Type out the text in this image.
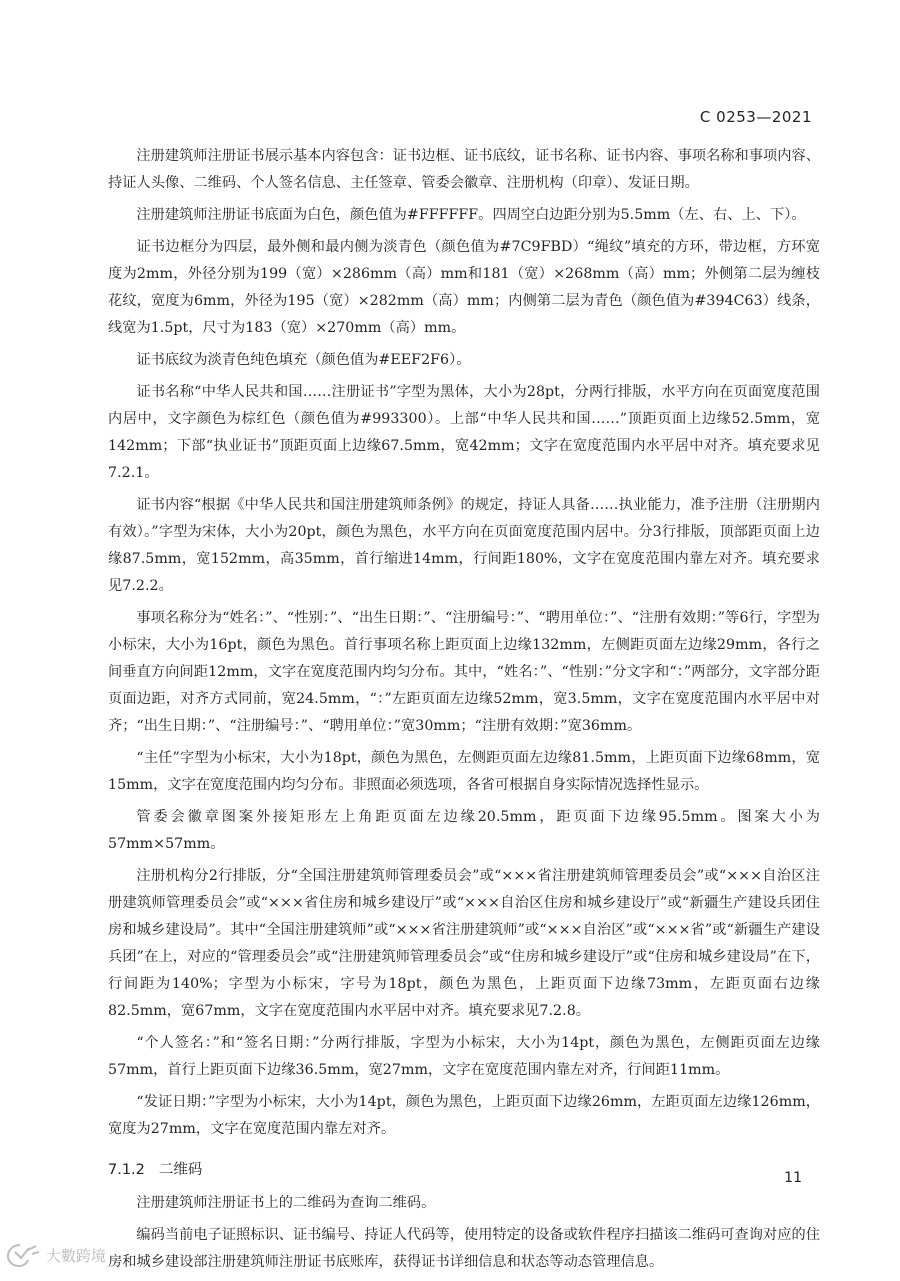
C 0253—2021

注册建筑师注册证书展示基本内容包含：证书边框、证书底纹，证书名称、证书内容、事项名称和事项内容、持证人头像、二维码、个人签名信息、主任签章、管委会徽章、注册机构（印章）、发证日期。

注册建筑师注册证书底面为白色，颜色值为#FFFFFF。四周空白边距分别为5.5mm（左、右、上、下）。

证书边框分为四层，最外侧和最内侧为淡青色（颜色值为#7C9FBD）“绳纹”填充的方环，带边框，方环宽度为2mm，外径分别为199（宽）×286mm（高）mm和181（宽）×268mm（高）mm；外侧第二层为缠枝花纹，宽度为6mm，外径为195（宽）×282mm（高）mm；内侧第二层为青色（颜色值为#394C63）线条，线宽为1.5pt，尺寸为183（宽）×270mm（高）mm。

证书底纹为淡青色纯色填充（颜色值为#EEF2F6）。

证书名称“中华人民共和国……注册证书”字型为黑体，大小为28pt，分两行排版，水平方向在页面宽度范围内居中，文字颜色为棕红色（颜色值为#993300）。上部“中华人民共和国……”顶距页面上边缘52.5mm，宽142mm；下部“执业证书”顶距页面上边缘67.5mm，宽42mm；文字在宽度范围内水平居中对齐。填充要求见7.2.1。

证书内容“根据《中华人民共和国注册建筑师条例》的规定，持证人具备……执业能力，准予注册（注册期内有效）。”字型为宋体，大小为20pt，颜色为黑色，水平方向在页面宽度范围内居中。分3行排版，顶部距页面上边缘87.5mm，宽152mm，高35mm，首行缩进14mm，行间距180%，文字在宽度范围内靠左对齐。填充要求见7.2.2。

事项名称分为“姓名：”、“性别：”、“出生日期：”、“注册编号：”、“聘用单位：”、“注册有效期：”等6行，字型为小标宋，大小为16pt，颜色为黑色。首行事项名称上距页面上边缘132mm，左侧距页面左边缘29mm，各行之间垂直方向间距12mm，文字在宽度范围内均匀分布。其中，“姓名：”、“性别：”分文字和“：”两部分，文字部分距页面边距，对齐方式同前，宽24.5mm，“：”左距页面左边缘52mm，宽3.5mm，文字在宽度范围内水平居中对齐；“出生日期：”、“注册编号：”、“聘用单位：”宽30mm；“注册有效期：”宽36mm。

“主任”字型为小标宋，大小为18pt，颜色为黑色，左侧距页面左边缘81.5mm，上距页面下边缘68mm，宽15mm，文字在宽度范围内均匀分布。非照面必须选项，各省可根据自身实际情况选择性显示。

管委会徽章图案外接矩形左上角距页面左边缘20.5mm，距页面下边缘95.5mm。图案大小为57mm×57mm。

注册机构分2行排版，分“全国注册建筑师管理委员会”或“×××省注册建筑师管理委员会”或“×××自治区注册建筑师管理委员会”或“×××省住房和城乡建设厅”或“×××自治区住房和城乡建设厅”或“新疆生产建设兵团住房和城乡建设局”。其中“全国注册建筑师”或“×××省注册建筑师”或“×××自治区”或“×××省”或“新疆生产建设兵团”在上，对应的“管理委员会”或“注册建筑师管理委员会”或“住房和城乡建设厅”或“住房和城乡建设局”在下，行间距为140%；字型为小标宋，字号为18pt，颜色为黑色，上距页面下边缘73mm，左距页面右边缘82.5mm，宽67mm，文字在宽度范围内水平居中对齐。填充要求见7.2.8。

“个人签名：”和“签名日期：”分两行排版，字型为小标宋，大小为14pt，颜色为黑色，左侧距页面左边缘57mm，首行上距页面下边缘36.5mm，宽27mm，文字在宽度范围内靠左对齐，行间距11mm。

“发证日期：”字型为小标宋，大小为14pt，颜色为黑色，上距页面下边缘26mm，左距页面左边缘126mm，宽度为27mm，文字在宽度范围内靠左对齐。

7.1.2 二维码

注册建筑师注册证书上的二维码为查询二维码。

编码当前电子证照标识、证书编号、持证人代码等，使用特定的设备或软件程序扫描该二维码可查询对应的住房和城乡建设部注册建筑师注册证书底账库，获得证书详细信息和状态等动态管理信息。

11
大數跨境
